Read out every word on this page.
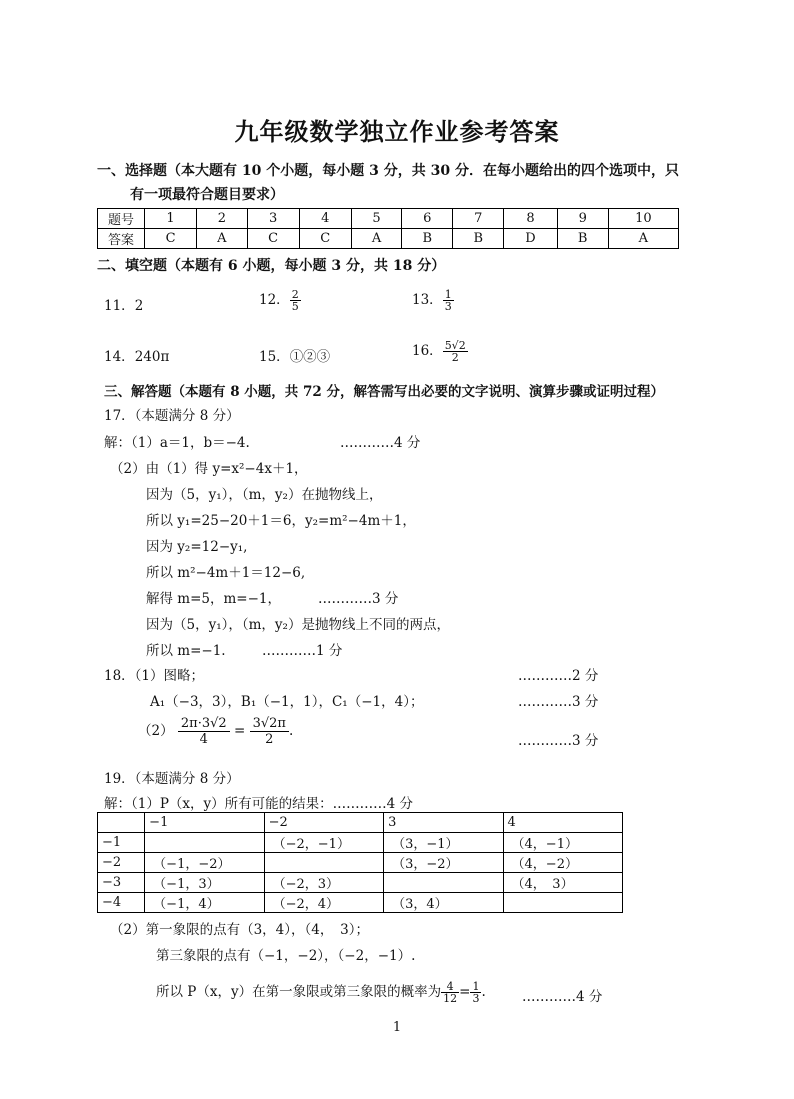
九年级数学独立作业参考答案
一、选择题（本大题有 10 个小题，每小题 3 分，共 30 分．在每小题给出的四个选项中，只
有一项最符合题目要求）
题号	1	2	3	4	5	6	7	8	9	10
答案	C	A	C	C	A	B	B	D	B	A
二、填空题（本题有 6 小题，每小题 3 分，共 18 分）
11．2	12． $\frac{2}{5}$	13． $\frac{1}{3}$
14．240π	15．①②③	16． $\frac{5√2}{2}$
三、解答题（本题有 8 小题，共 72 分，解答需写出必要的文字说明、演算步骤或证明过程）
17．（本题满分 8 分）
解：（1）a＝1，b＝−4.	…………4 分
（2）由（1）得 y=x²−4x＋1，
因为（5，y₁），（m，y₂）在抛物线上，
所以 y₁=25−20＋1＝6，y₂=m²−4m＋1，
因为 y₂=12−y₁,
所以 m²−4m＋1＝12−6,
解得 m=5，m=−1，	…………3 分
因为（5，y₁），（m，y₂）是抛物线上不同的两点，
所以 m=−1.	…………1 分
18．（1）图略；	…………2 分
A₁（−3，3），B₁（−1，1），C₁（−1，4）；	…………3 分
$(2) \frac{2\pi\cdot 3√2}{4} = \frac{3√2\pi}{2}$ .
…………3 分
19．（本题满分 8 分）
解：（1）P（x，y）所有可能的结果：…………4 分
	−1	−2	3	4
−1		（−2，−1）	（3，−1）	（4，−1）
−2	（−1，−2）		（3，−2）	（4，−2）
−3	（−1，3）	（−2，3）		（4，　3）
−4	（−1，4）	（−2，4）	（3，4）	
（2）第一象限的点有（3，4），（4，　3）；
第三象限的点有（−1，−2），（−2，−1）.
所以 P（x，y）在第一象限或第三象限的概率为 $\frac{4}{12} = \frac{1}{3}$ .	…………4 分
1
